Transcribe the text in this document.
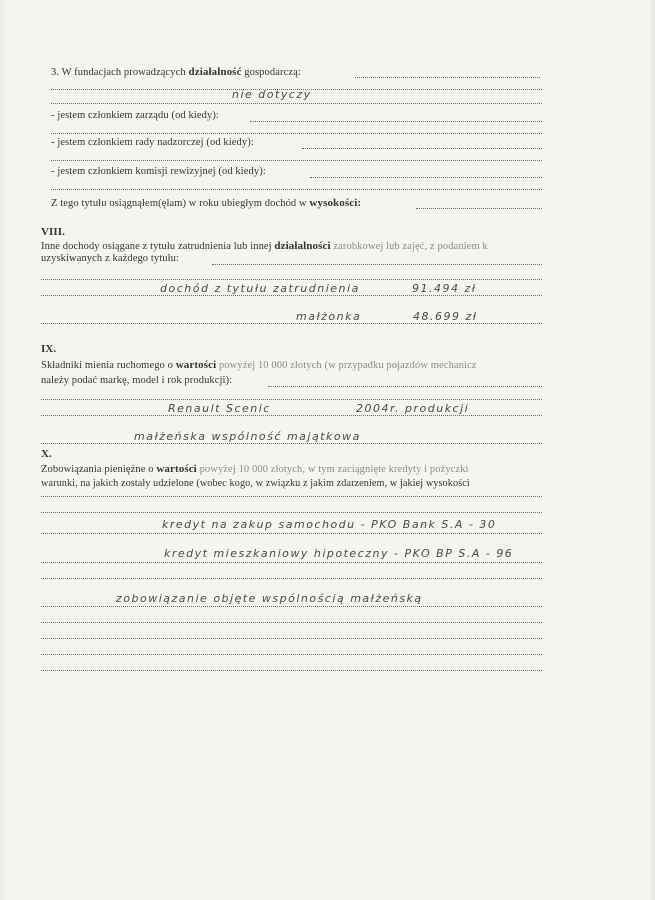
3. W fundacjach prowadzących działalność gospodarczą:
nie dotyczy
- jestem członkiem zarządu (od kiedy):
- jestem członkiem rady nadzorczej (od kiedy):
- jestem członkiem komisji rewizyjnej (od kiedy):
Z tego tytułu osiągnąłem(ęłam) w roku ubiegłym dochód w wysokości:
VIII.
Inne dochody osiągane z tytułu zatrudnienia lub innej działalności zarobkowej lub zajęć, z podaniem k
uzyskiwanych z każdego tytułu:
dochód z tytułu zatrudnienia	91.494 zł
małżonka	48.699 zł
IX.
Składniki mienia ruchomego o wartości powyżej 10 000 złotych (w przypadku pojazdów mechanicz
należy podać markę, model i rok produkcji):
Renault Scenic	2004r. produkcji
małżeńska wspólność majątkowa
X.
Zobowiązania pieniężne o wartości powyżej 10 000 złotych, w tym zaciągnięte kredyty i pożyczki
warunki, na jakich zostały udzielone (wobec kogo, w związku z jakim zdarzeniem, w jakiej wysokości
kredyt na zakup samochodu - PKO Bank S.A - 30
kredyt mieszkaniowy hipoteczny - PKO BP S.A - 96
zobowiązanie objęte wspólnością małżeńską
